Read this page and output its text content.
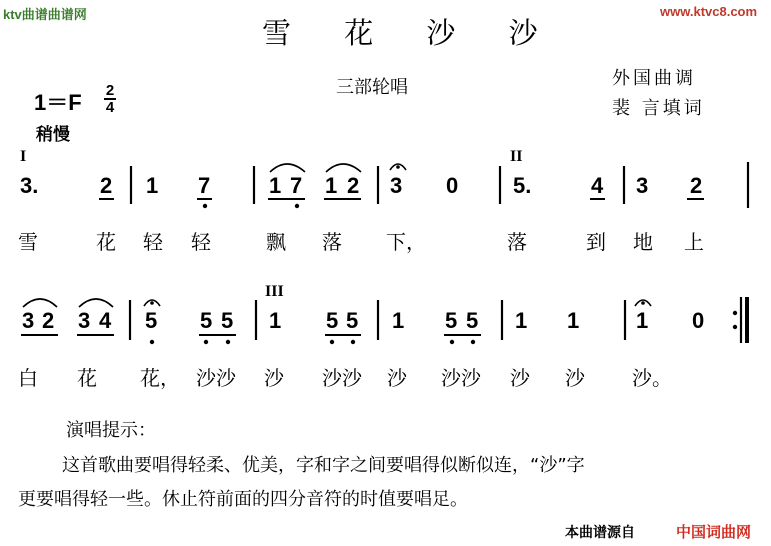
ktv曲谱曲谱网	www.ktvc8.com
雪 花 沙 沙
三部轮唱	外国曲调
裴 言填词
1＝F 2
4
稍慢
I	II
III
3.	2 1 7	1 7 1 2 3 0 5.	4 3 2
雪	花 轻 轻	飘 落 下，	落	到 地 上
3 2 3 4 5 5 5 1 5 5 1 5 5 1 1	1 0
白 花 花， 沙沙 沙 沙沙 沙 沙沙 沙 沙 沙。
演唱提示：
这首歌曲要唱得轻柔、优美，字和字之间要唱得似断似连，“沙”字
更要唱得轻一些。休止符前面的四分音符的时值要唱足。
本曲谱源自	中国词曲网
